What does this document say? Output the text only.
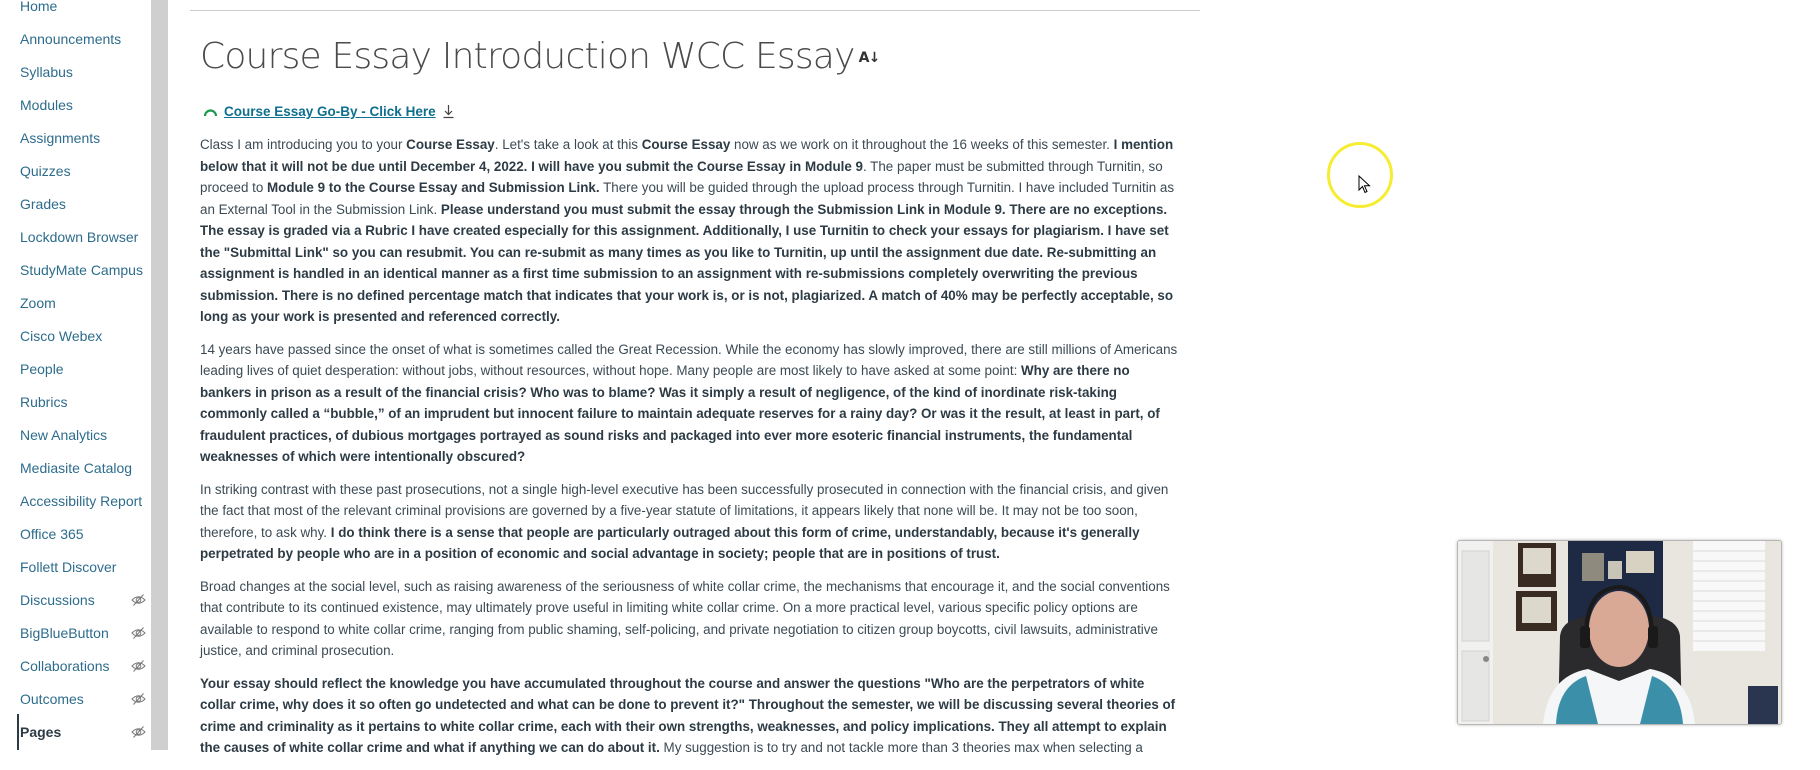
Home
Announcements
Syllabus
Modules
Assignments
Quizzes
Grades
Lockdown Browser
StudyMate Campus
Zoom
Cisco Webex
People
Rubrics
New Analytics
Mediasite Catalog
Accessibility Report
Office 365
Follett Discover
Discussions
BigBlueButton
Collaborations
Outcomes
Pages
Course Essay Introduction WCC Essay A↓
Course Essay Go-By - Click Here

Class I am introducing you to your Course Essay. Let's take a look at this Course Essay now as we work on it throughout the 16 weeks of this semester. I mention below that it will not be due until December 4, 2022. I will have you submit the Course Essay in Module 9. The paper must be submitted through Turnitin, so proceed to Module 9 to the Course Essay and Submission Link. There you will be guided through the upload process through Turnitin. I have included Turnitin as an External Tool in the Submission Link. Please understand you must submit the essay through the Submission Link in Module 9. There are no exceptions. The essay is graded via a Rubric I have created especially for this assignment. Additionally, I use Turnitin to check your essays for plagiarism. I have set the "Submittal Link" so you can resubmit. You can re-submit as many times as you like to Turnitin, up until the assignment due date. Re-submitting an assignment is handled in an identical manner as a first time submission to an assignment with re-submissions completely overwriting the previous submission. There is no defined percentage match that indicates that your work is, or is not, plagiarized. A match of 40% may be perfectly acceptable, so long as your work is presented and referenced correctly.

14 years have passed since the onset of what is sometimes called the Great Recession. While the economy has slowly improved, there are still millions of Americans leading lives of quiet desperation: without jobs, without resources, without hope. Many people are most likely to have asked at some point: Why are there no bankers in prison as a result of the financial crisis? Who was to blame? Was it simply a result of negligence, of the kind of inordinate risk-taking commonly called a “bubble,” of an imprudent but innocent failure to maintain adequate reserves for a rainy day? Or was it the result, at least in part, of fraudulent practices, of dubious mortgages portrayed as sound risks and packaged into ever more esoteric financial instruments, the fundamental weaknesses of which were intentionally obscured?

In striking contrast with these past prosecutions, not a single high-level executive has been successfully prosecuted in connection with the financial crisis, and given the fact that most of the relevant criminal provisions are governed by a five-year statute of limitations, it appears likely that none will be. It may not be too soon, therefore, to ask why. I do think there is a sense that people are particularly outraged about this form of crime, understandably, because it's generally perpetrated by people who are in a position of economic and social advantage in society; people that are in positions of trust.

Broad changes at the social level, such as raising awareness of the seriousness of white collar crime, the mechanisms that encourage it, and the social conventions that contribute to its continued existence, may ultimately prove useful in limiting white collar crime. On a more practical level, various specific policy options are available to respond to white collar crime, ranging from public shaming, self-policing, and private negotiation to citizen group boycotts, civil lawsuits, administrative justice, and criminal prosecution.

Your essay should reflect the knowledge you have accumulated throughout the course and answer the questions "Who are the perpetrators of white collar crime, why does it so often go undetected and what can be done to prevent it?" Throughout the semester, we will be discussing several theories of crime and criminality as it pertains to white collar crime, each with their own strengths, weaknesses, and policy implications. They all attempt to explain the causes of white collar crime and what if anything we can do about it. My suggestion is to try and not tackle more than 3 theories max when selecting a
